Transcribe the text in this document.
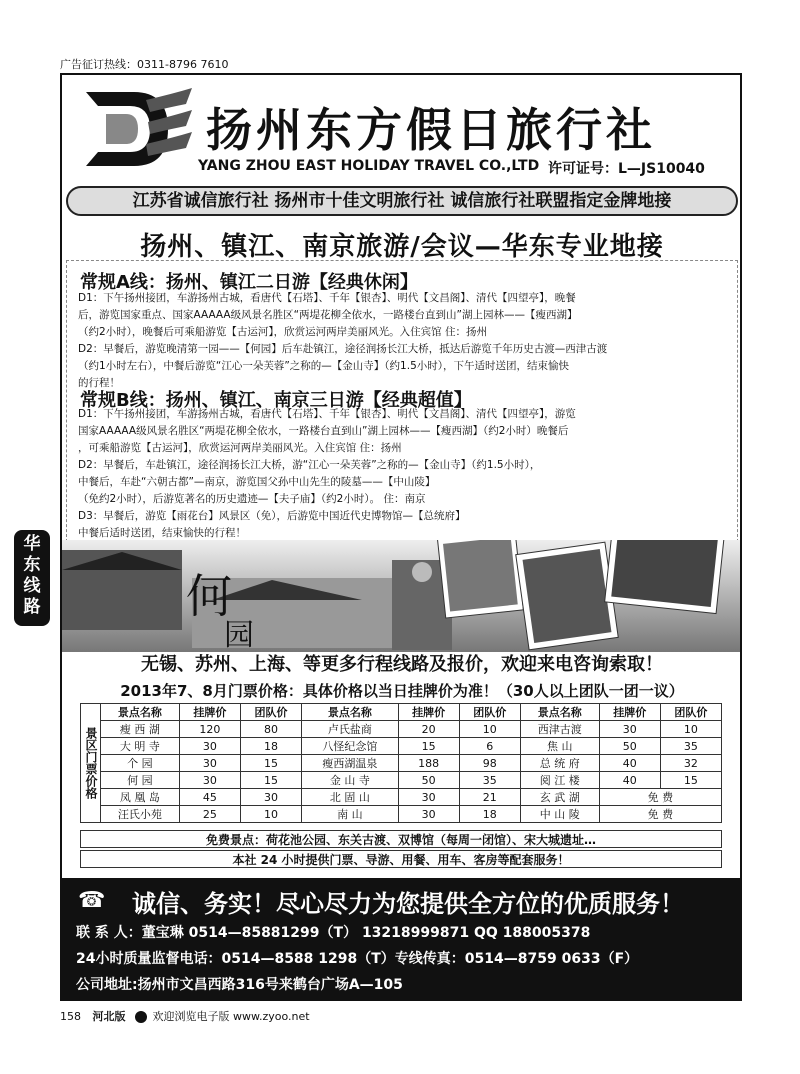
广告征订热线：0311-8796 7610
扬州东方假日旅行社
YANG ZHOU EAST HOLIDAY TRAVEL CO.,LTD 许可证号：L—JS10040
江苏省诚信旅行社 扬州市十佳文明旅行社 诚信旅行社联盟指定金牌地接
扬州、镇江、南京旅游/会议—华东专业地接
常规A线：扬州、镇江二日游【经典休闲】
D1：下午扬州接团，车游扬州古城，看唐代【石塔】、千年【银杏】、明代【文昌阁】、清代【四望亭】，晚餐
后，游览国家重点、国家AAAAA级风景名胜区“两堤花柳全依水，一路楼台直到山”湖上园林——【瘦西湖】
（约2小时），晚餐后可乘船游览【古运河】，欣赏运河两岸美丽风光。入住宾馆 住：扬州
D2：早餐后，游览晚清第一园——【何园】后车赴镇江，途径润扬长江大桥，抵达后游览千年历史古渡—西津古渡
（约1小时左右），中餐后游览“江心一朵芙蓉”之称的—【金山寺】（约1.5小时），下午适时送团，结束愉快
的行程！
常规B线：扬州、镇江、南京三日游【经典超值】
D1：下午扬州接团，车游扬州古城，看唐代【石塔】、千年【银杏】、明代【文昌阁】、清代【四望亭】，游览
国家AAAAA级风景名胜区“两堤花柳全依水，一路楼台直到山”湖上园林——【瘦西湖】（约2小时）晚餐后
，可乘船游览【古运河】，欣赏运河两岸美丽风光。入住宾馆 住：扬州
D2：早餐后，车赴镇江，途径润扬长江大桥，游“江心一朵芙蓉”之称的—【金山寺】（约1.5小时），
中餐后，车赴“六朝古都”—南京，游览国父孙中山先生的陵墓——【中山陵】
（免约2小时），后游览著名的历史遗迹—【夫子庙】（约2小时）。 住：南京
D3：早餐后，游览【雨花台】风景区（免），后游览中国近代史博物馆—【总统府】
中餐后适时送团，结束愉快的行程！
何
园
无锡、苏州、上海、等更多行程线路及报价，欢迎来电咨询索取！
2013年7、8月门票价格：具体价格以当日挂牌价为准！（30人以上团队一团一议）
景区门票价格	景点名称	挂牌价	团队价	景点名称	挂牌价	团队价	景点名称	挂牌价	团队价
	瘦 西 湖	120	80	卢氏盐商	20	10	西津古渡	30	10
	大 明 寺	30	18	八怪纪念馆	15	6	焦 山	50	35
	个 园	30	15	瘦西湖温泉	188	98	总 统 府	40	32
	何 园	30	15	金 山 寺	50	35	阅 江 楼	40	15
	凤 凰 岛	45	30	北 固 山	30	21	玄 武 湖	免 费	
	汪氏小苑	25	10	南 山	30	18	中 山 陵	免 费	
免费景点：荷花池公园、东关古渡、双博馆（每周一闭馆）、宋大城遗址…
本社 24 小时提供门票、导游、用餐、用车、客房等配套服务！
☎ 诚信、务实！尽心尽力为您提供全方位的优质服务！
联 系 人：董宝琳 0514—85881299（T） 13218999871 QQ 188005378
24小时质量监督电话：0514—8588 1298（T）专线传真：0514—8759 0633（F）
公司地址:扬州市文昌西路316号来鹤台广场A—105
华
东
线
路
158 河北版 欢迎浏览电子版 www.zyoo.net
